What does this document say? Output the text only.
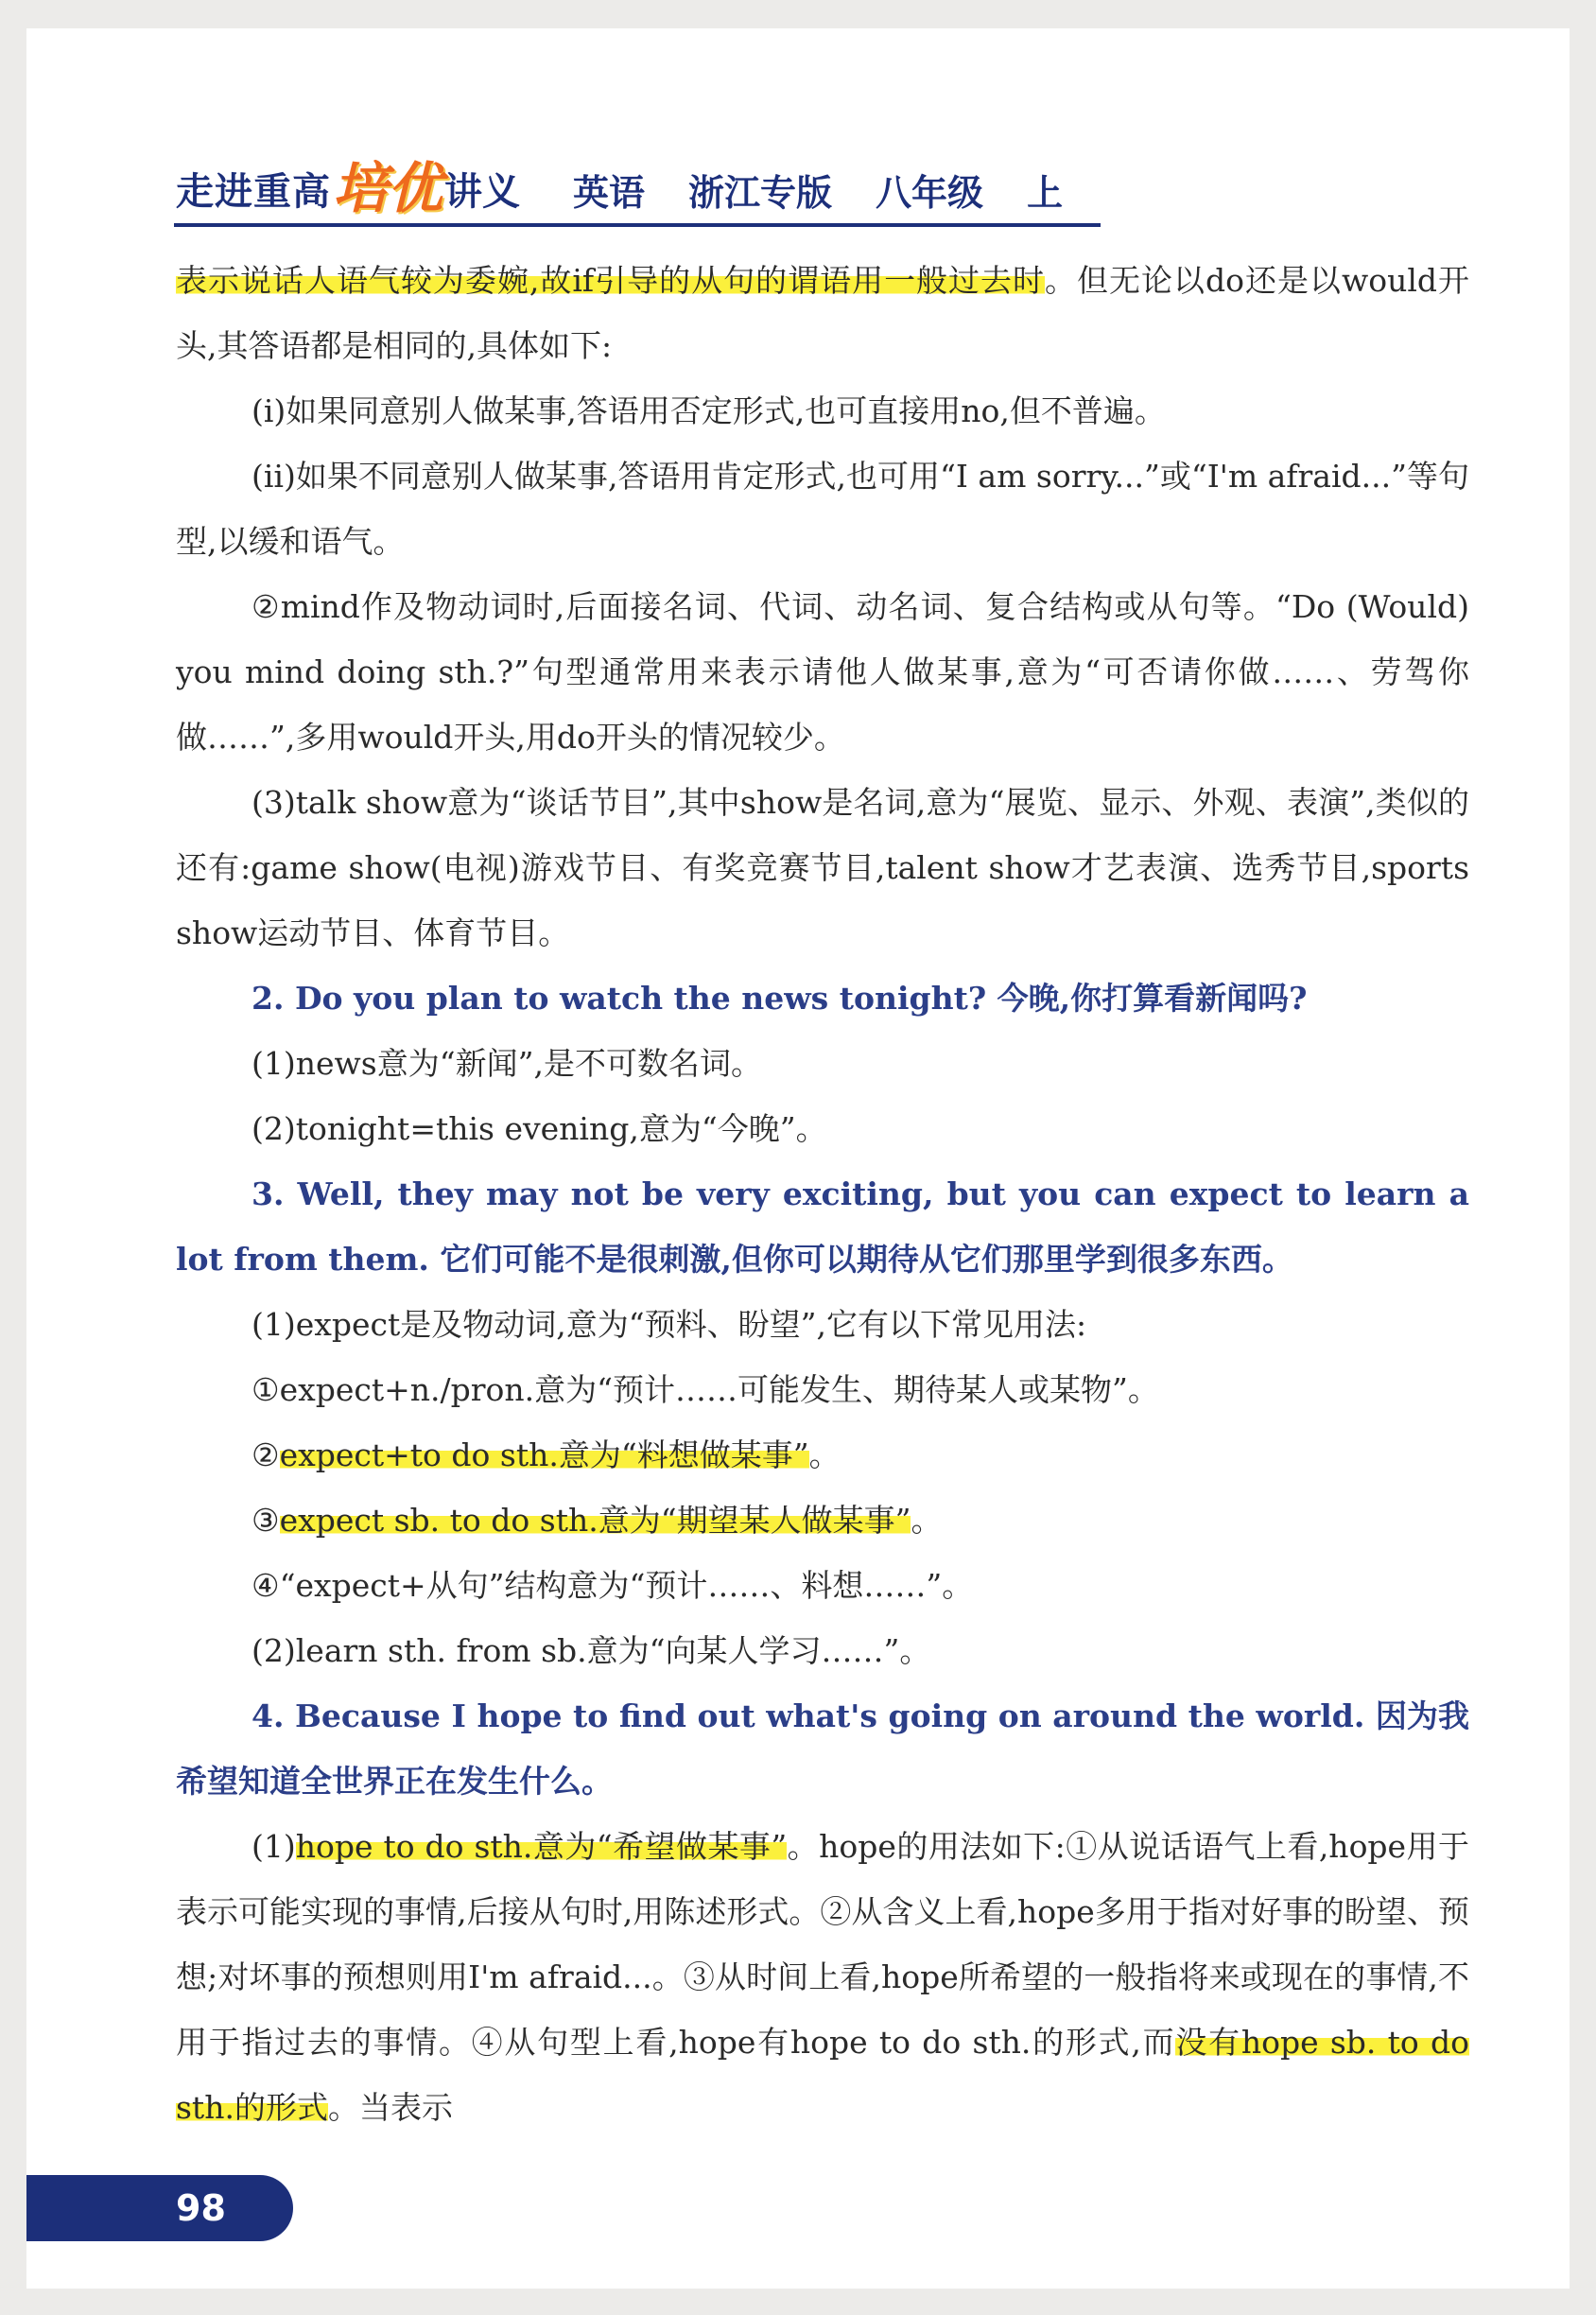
走进重高 培优 讲义 英语 浙江专版 八年级 上

表示说话人语气较为委婉,故if引导的从句的谓语用一般过去时。但无论以do还是以would开头,其答语都是相同的,具体如下:

(ⅰ)如果同意别人做某事,答语用否定形式,也可直接用no,但不普遍。

(ⅱ)如果不同意别人做某事,答语用肯定形式,也可用“I am sorry...”或“I'm afraid...”等句型,以缓和语气。

②mind作及物动词时,后面接名词、代词、动名词、复合结构或从句等。“Do (Would) you mind doing sth.?”句型通常用来表示请他人做某事,意为“可否请你做……、劳驾你做……”,多用would开头,用do开头的情况较少。

(3)talk show意为“谈话节目”,其中show是名词,意为“展览、显示、外观、表演”,类似的还有:game show(电视)游戏节目、有奖竞赛节目,talent show才艺表演、选秀节目,sports show运动节目、体育节目。

2. Do you plan to watch the news tonight? 今晚,你打算看新闻吗?

(1)news意为“新闻”,是不可数名词。

(2)tonight=this evening,意为“今晚”。

3. Well, they may not be very exciting, but you can expect to learn a lot from them. 它们可能不是很刺激,但你可以期待从它们那里学到很多东西。

(1)expect是及物动词,意为“预料、盼望”,它有以下常见用法:

①expect+n./pron.意为“预计……可能发生、期待某人或某物”。

②expect+to do sth.意为“料想做某事”。

③expect sb. to do sth.意为“期望某人做某事”。

④“expect+从句”结构意为“预计……、料想……”。

(2)learn sth. from sb.意为“向某人学习……”。

4. Because I hope to find out what's going on around the world. 因为我希望知道全世界正在发生什么。

(1)hope to do sth.意为“希望做某事”。hope的用法如下:①从说话语气上看,hope用于表示可能实现的事情,后接从句时,用陈述形式。②从含义上看,hope多用于指对好事的盼望、预想;对坏事的预想则用I'm afraid...。③从时间上看,hope所希望的一般指将来或现在的事情,不用于指过去的事情。④从句型上看,hope有hope to do sth.的形式,而没有hope sb. to do sth.的形式。当表示

98
